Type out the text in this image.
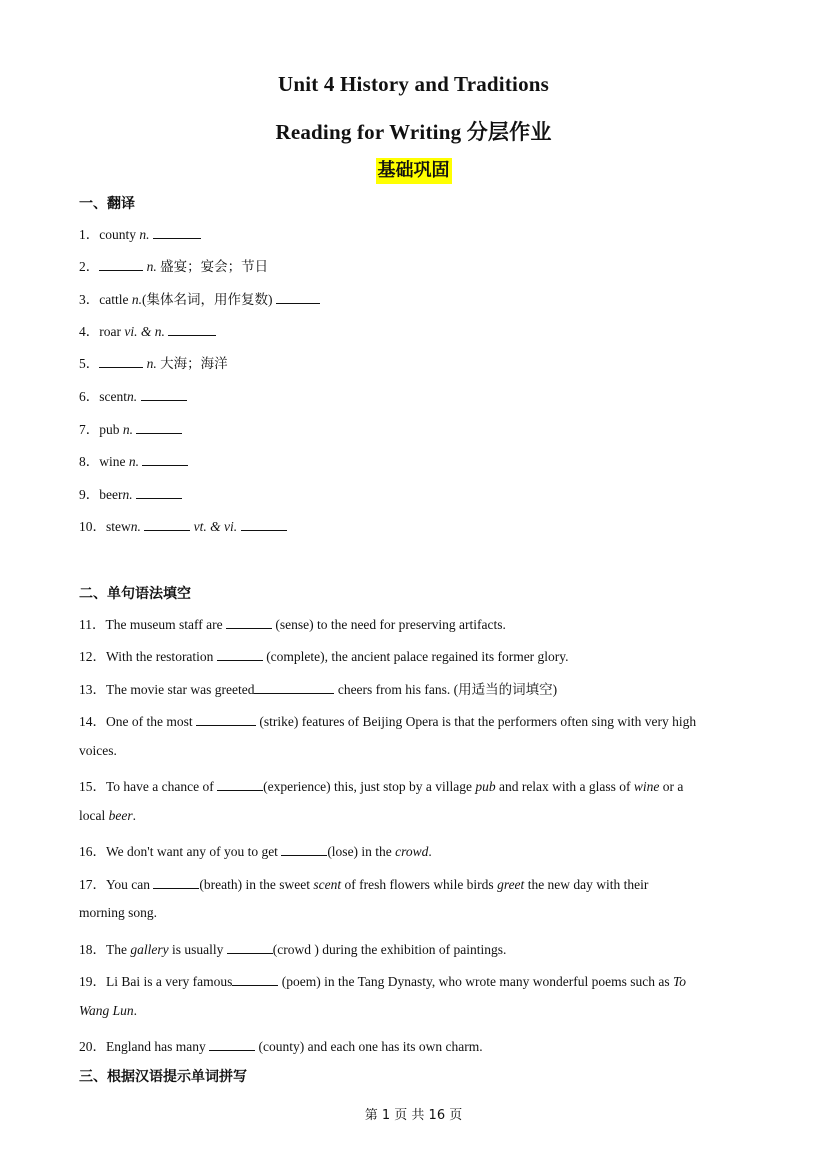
Unit 4 History and Traditions
Reading for Writing 分层作业
基础巩固
一、翻译
1．county n.
2．	n. 盛宴；宴会；节日
3．cattle n.(集体名词，用作复数)
4．roar vi. & n.
5．	n. 大海；海洋
6．scentn.
7．pub n.
8．wine n.
9．beern.
10．stewn.	vt. & vi.
二、单句语法填空
11．The museum staff are	(sense) to the need for preserving artifacts.
12．With the restoration	(complete), the ancient palace regained its former glory.
13．The movie star was greeted	cheers from his fans. (用适当的词填空)
14．One of the most	(strike) features of Beijing Opera is that the performers often sing with very high
voices.
15．To have a chance of	(experience) this, just stop by a village pub and relax with a glass of wine or a
local beer.
16．We don't want any of you to get	(lose) in the crowd.
17．You can	(breath) in the sweet scent of fresh flowers while birds greet the new day with their
morning song.
18．The gallery is usually	(crowd ) during the exhibition of paintings.
19．Li Bai is a very famous	(poem) in the Tang Dynasty, who wrote many wonderful poems such as To
Wang Lun.
20．England has many	(county) and each one has its own charm.
三、根据汉语提示单词拼写
第 1 页 共 16 页
